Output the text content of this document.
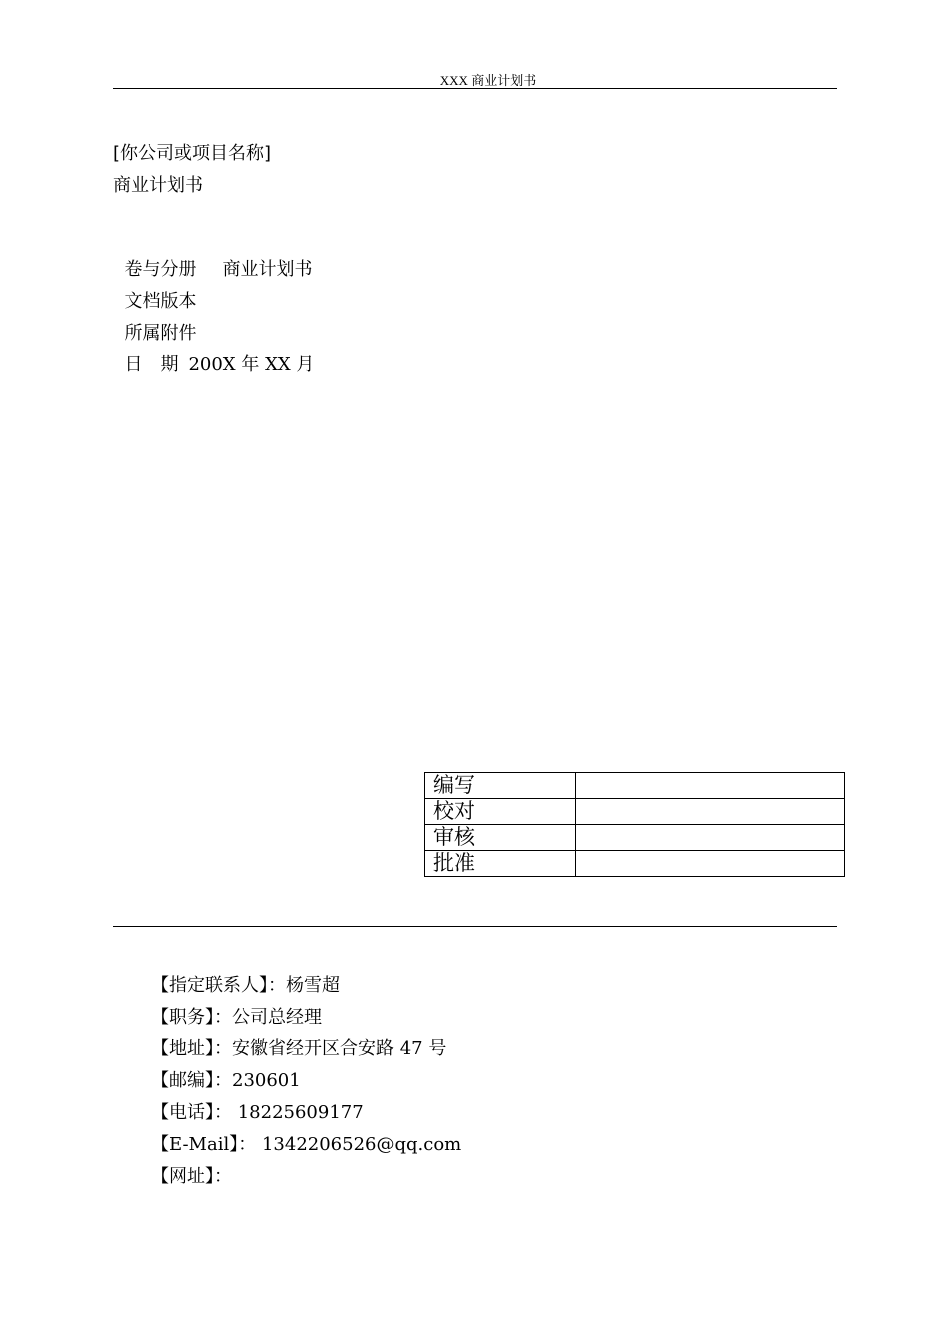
XXX 商业计划书
[你公司或项目名称]
商业计划书

卷与分册 商业计划书

文档版本

所属附件

日　期 200X 年 XX 月

编写	
校对	
审核	
批准	
【指定联系人】：杨雪超
【职务】：公司总经理
【地址】：安徽省经开区合安路 47 号
【邮编】：230601
【电话】： 18225609177
【E-Mail】： 1342206526@qq.com
【网址】：
